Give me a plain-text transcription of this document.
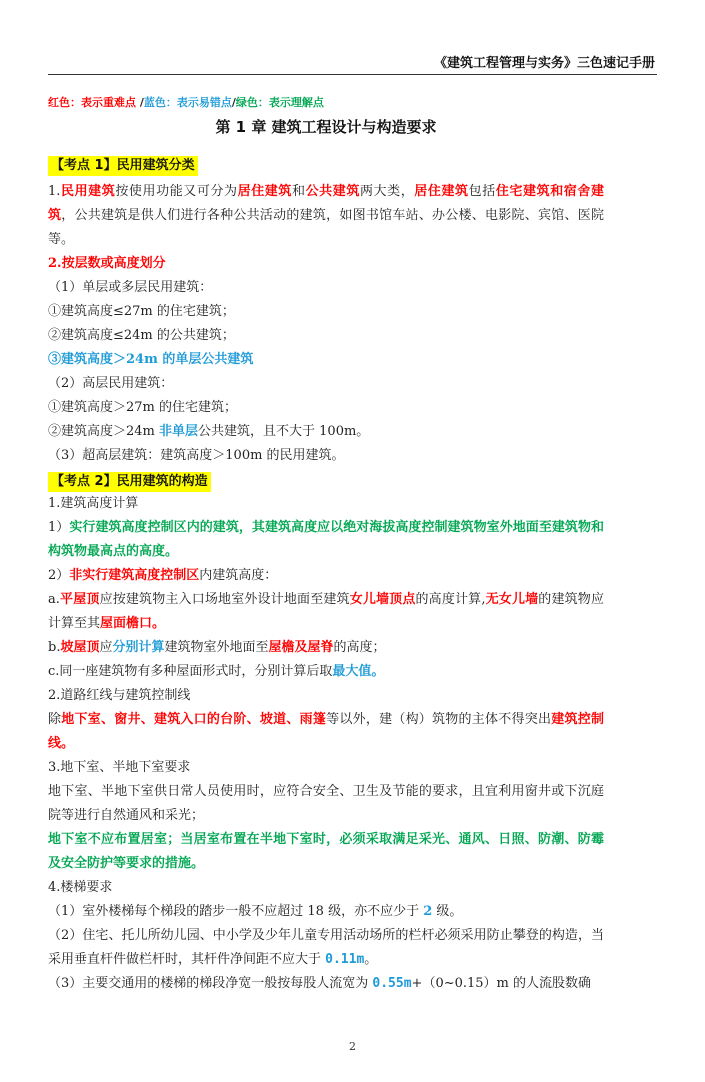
《建筑工程管理与实务》三色速记手册
红色：表示重难点 /蓝色：表示易错点/绿色：表示理解点
第 1 章 建筑工程设计与构造要求
【考点 1】民用建筑分类
1.民用建筑按使用功能又可分为居住建筑和公共建筑两大类，居住建筑包括住宅建筑和宿舍建筑，公共建筑是供人们进行各种公共活动的建筑，如图书馆车站、办公楼、电影院、宾馆、医院等。
2.按层数或高度划分
（1）单层或多层民用建筑：
①建筑高度≤27m 的住宅建筑；
②建筑高度≤24m 的公共建筑；
③建筑高度＞24m 的单层公共建筑
（2）高层民用建筑：
①建筑高度＞27m 的住宅建筑；
②建筑高度＞24m 非单层公共建筑，且不大于 100m。
（3）超高层建筑：建筑高度＞100m 的民用建筑。
【考点 2】民用建筑的构造
1.建筑高度计算
1）实行建筑高度控制区内的建筑，其建筑高度应以绝对海拔高度控制建筑物室外地面至建筑物和构筑物最高点的高度。
2）非实行建筑高度控制区内建筑高度：
a.平屋顶应按建筑物主入口场地室外设计地面至建筑女儿墙顶点的高度计算,无女儿墙的建筑物应计算至其屋面檐口。
b.坡屋顶应分别计算建筑物室外地面至屋檐及屋脊的高度；
c.同一座建筑物有多种屋面形式时，分别计算后取最大值。
2.道路红线与建筑控制线
除地下室、窗井、建筑入口的台阶、坡道、雨篷等以外，建（构）筑物的主体不得突出建筑控制线。
3.地下室、半地下室要求
地下室、半地下室供日常人员使用时，应符合安全、卫生及节能的要求，且宜利用窗井或下沉庭院等进行自然通风和采光；
地下室不应布置居室；当居室布置在半地下室时，必须采取满足采光、通风、日照、防潮、防霉及安全防护等要求的措施。
4.楼梯要求
（1）室外楼梯每个梯段的踏步一般不应超过 18 级，亦不应少于 2 级。
（2）住宅、托儿所幼儿园、中小学及少年儿童专用活动场所的栏杆必须采用防止攀登的构造，当采用垂直杆件做栏杆时，其杆件净间距不应大于 0.11m。
（3）主要交通用的楼梯的梯段净宽一般按每股人流宽为 0.55m+（0~0.15）m 的人流股数确
2
